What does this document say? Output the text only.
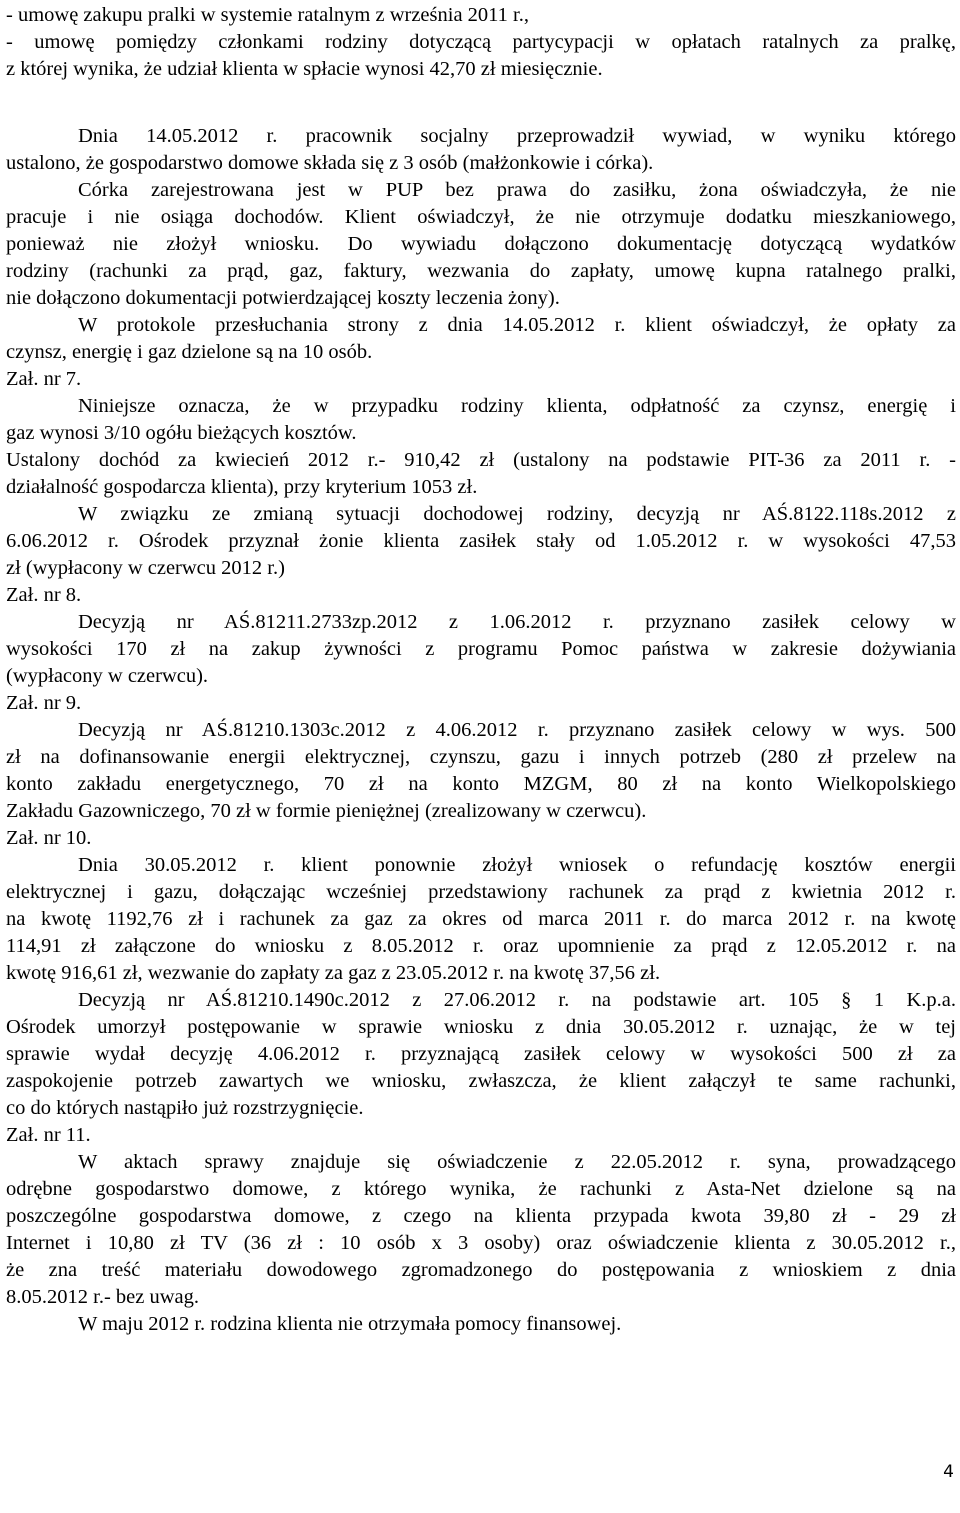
- umowę zakupu pralki w systemie ratalnym z września 2011 r.,
- umowę pomiędzy członkami rodziny dotyczącą partycypacji w opłatach ratalnych za pralkę,
z której wynika, że udział klienta w spłacie wynosi 42,70 zł miesięcznie.
Dnia 14.05.2012 r. pracownik socjalny przeprowadził wywiad, w wyniku którego
ustalono, że gospodarstwo domowe składa się z 3 osób (małżonkowie i córka).
Córka zarejestrowana jest w PUP bez prawa do zasiłku, żona oświadczyła, że nie
pracuje i nie osiąga dochodów. Klient oświadczył, że nie otrzymuje dodatku mieszkaniowego,
ponieważ nie złożył wniosku. Do wywiadu dołączono dokumentację dotyczącą wydatków
rodziny (rachunki za prąd, gaz, faktury, wezwania do zapłaty, umowę kupna ratalnego pralki,
nie dołączono dokumentacji potwierdzającej koszty leczenia żony).
W protokole przesłuchania strony z dnia 14.05.2012 r. klient oświadczył, że opłaty za
czynsz, energię i gaz dzielone są na 10 osób.
Zał. nr 7.
Niniejsze oznacza, że w przypadku rodziny klienta, odpłatność za czynsz, energię i
gaz wynosi 3/10 ogółu bieżących kosztów.
Ustalony dochód za kwiecień 2012 r.- 910,42 zł (ustalony na podstawie PIT-36 za 2011 r. -
działalność gospodarcza klienta), przy kryterium 1053 zł.
W związku ze zmianą sytuacji dochodowej rodziny, decyzją nr AŚ.8122.118s.2012 z
6.06.2012 r. Ośrodek przyznał żonie klienta zasiłek stały od 1.05.2012 r. w wysokości 47,53
zł (wypłacony w czerwcu 2012 r.)
Zał. nr 8.
Decyzją nr AŚ.81211.2733zp.2012 z 1.06.2012 r. przyznano zasiłek celowy w
wysokości 170 zł na zakup żywności z programu Pomoc państwa w zakresie dożywiania
(wypłacony w czerwcu).
Zał. nr 9.
Decyzją nr AŚ.81210.1303c.2012 z 4.06.2012 r. przyznano zasiłek celowy w wys. 500
zł na dofinansowanie energii elektrycznej, czynszu, gazu i innych potrzeb (280 zł przelew na
konto zakładu energetycznego, 70 zł na konto MZGM, 80 zł na konto Wielkopolskiego
Zakładu Gazowniczego, 70 zł w formie pieniężnej (zrealizowany w czerwcu).
Zał. nr 10.
Dnia 30.05.2012 r. klient ponownie złożył wniosek o refundację kosztów energii
elektrycznej i gazu, dołączając wcześniej przedstawiony rachunek za prąd z kwietnia 2012 r.
na kwotę 1192,76 zł i rachunek za gaz za okres od marca 2011 r. do marca 2012 r. na kwotę
114,91 zł załączone do wniosku z 8.05.2012 r. oraz upomnienie za prąd z 12.05.2012 r. na
kwotę 916,61 zł, wezwanie do zapłaty za gaz z 23.05.2012 r. na kwotę 37,56 zł.
Decyzją nr AŚ.81210.1490c.2012 z 27.06.2012 r. na podstawie art. 105 § 1 K.p.a.
Ośrodek umorzył postępowanie w sprawie wniosku z dnia 30.05.2012 r. uznając, że w tej
sprawie wydał decyzję 4.06.2012 r. przyznającą zasiłek celowy w wysokości 500 zł za
zaspokojenie potrzeb zawartych we wniosku, zwłaszcza, że klient załączył te same rachunki,
co do których nastąpiło już rozstrzygnięcie.
Zał. nr 11.
W aktach sprawy znajduje się oświadczenie z 22.05.2012 r. syna, prowadzącego
odrębne gospodarstwo domowe, z którego wynika, że rachunki z Asta-Net dzielone są na
poszczególne gospodarstwa domowe, z czego na klienta przypada kwota 39,80 zł - 29 zł
Internet i 10,80 zł TV (36 zł : 10 osób x 3 osoby) oraz oświadczenie klienta z 30.05.2012 r.,
że zna treść materiału dowodowego zgromadzonego do postępowania z wnioskiem z dnia
8.05.2012 r.- bez uwag.
W maju 2012 r. rodzina klienta nie otrzymała pomocy finansowej.
4
